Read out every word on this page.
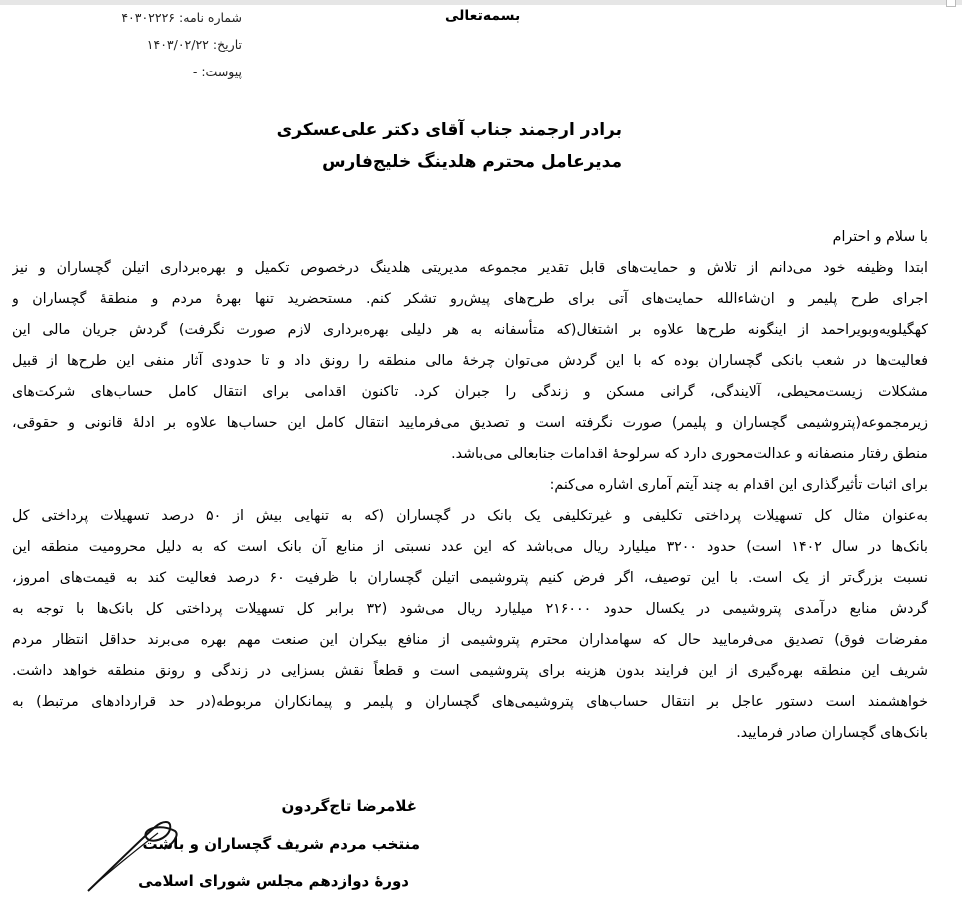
شماره نامه:۴۰۳۰۲۲۲۶
تاریخ:۱۴۰۳/۰۲/۲۲
پیوست:-
بسمه‌تعالی
برادر ارجمند جناب آقای دکتر علی‌عسکری
مدیرعامل محترم هلدینگ خلیج‌فارس
با سلام و احترام
ابتدا وظیفه خود می‌دانم از تلاش و حمایت‌های قابل تقدیر مجموعه مدیریتی هلدینگ درخصوص تکمیل و بهره‌برداری اتیلن گچساران و نیز
اجرای طرح پلیمر و ان‌شاءالله حمایت‌های آتی برای طرح‌های پیش‌رو تشکر کنم. مستحضرید تنها بهرهٔ مردم و منطقهٔ گچساران و
کهگیلویه‌وبویراحمد از اینگونه طرح‌ها علاوه بر اشتغال(که متأسفانه به هر دلیلی بهره‌برداری لازم صورت نگرفت) گردش جریان مالی این
فعالیت‌ها در شعب بانکی گچساران بوده که با این گردش می‌توان چرخهٔ مالی منطقه را رونق داد و تا حدودی آثار منفی این طرح‌ها از قبیل
مشکلات زیست‌محیطی، آلایندگی، گرانی مسکن و زندگی را جبران کرد. تاکنون اقدامی برای انتقال کامل حساب‌های شرکت‌های
زیرمجموعه(پتروشیمی گچساران و پلیمر) صورت نگرفته است و تصدیق می‌فرمایید انتقال کامل این حساب‌ها علاوه بر ادلهٔ قانونی و حقوقی،
منطق رفتار منصفانه و عدالت‌محوری دارد که سرلوحهٔ اقدامات جنابعالی می‌باشد.
برای اثبات تأثیرگذاری این اقدام به چند آیتم آماری اشاره می‌کنم:
به‌عنوان مثال کل تسهیلات پرداختی تکلیفی و غیرتکلیفی یک بانک در گچساران (که به تنهایی بیش از ۵۰ درصد تسهیلات پرداختی کل
بانک‌ها در سال ۱۴۰۲ است) حدود ۳۲۰۰ میلیارد ریال می‌باشد که این عدد نسبتی از منابع آن بانک است که به دلیل محرومیت منطقه این
نسبت بزرگ‌تر از یک است. با این توصیف، اگر فرض کنیم پتروشیمی اتیلن گچساران با ظرفیت ۶۰ درصد فعالیت کند به قیمت‌های امروز،
گردش منابع درآمدی پتروشیمی در یکسال حدود ۲۱۶۰۰۰ میلیارد ریال می‌شود (۳۲ برابر کل تسهیلات پرداختی کل بانک‌ها با توجه به
مفرضات فوق) تصدیق می‌فرمایید حال که سهامداران محترم پتروشیمی از منافع بیکران این صنعت مهم بهره می‌برند حداقل انتظار مردم
شریف این منطقه بهره‌گیری از این فرایند بدون هزینه برای پتروشیمی است و قطعاً نقش بسزایی در زندگی و رونق منطقه خواهد داشت.
خواهشمند است دستور عاجل بر انتقال حساب‌های پتروشیمی‌های گچساران و پلیمر و پیمانکاران مربوطه(در حد قراردادهای مرتبط) به
بانک‌های گچساران صادر فرمایید.
غلامرضا تاج‌گردون
منتخب مردم شریف گچساران و باشت
دورهٔ دوازدهم مجلس شورای اسلامی
